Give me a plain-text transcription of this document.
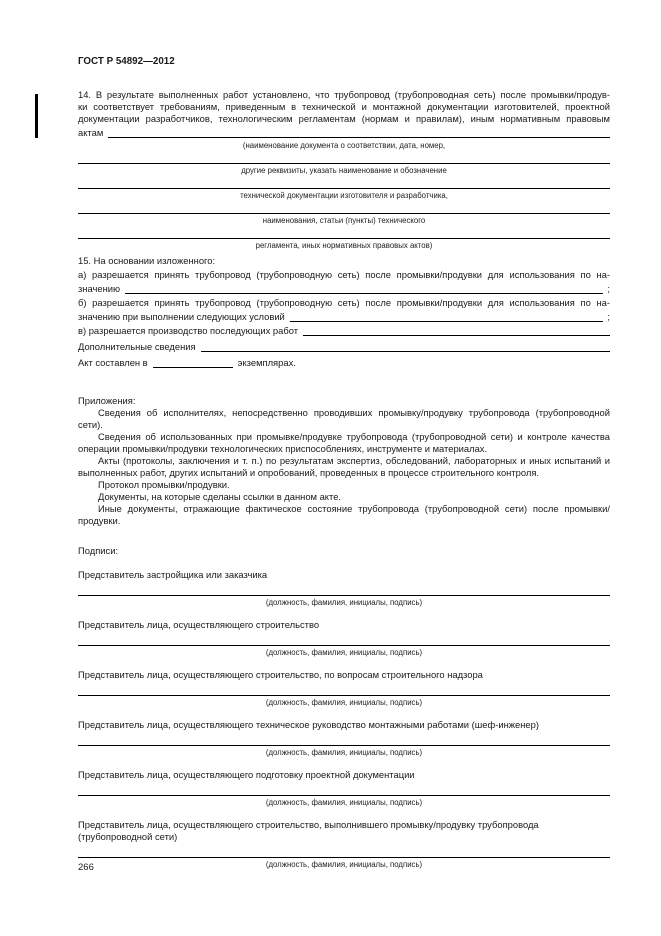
ГОСТ Р 54892—2012
14. В результате выполненных работ установлено, что трубопровод (трубопроводная сеть) после промывки/продув-
ки соответствует требованиям, приведенным в технической и монтажной документации изготовителей, проектной
документации разработчиков, технологическим регламентам (нормам и правилам), иным нормативным правовым
актам
(наименование документа о соответствии, дата, номер,
другие реквизиты, указать наименование и обозначение
технической документации изготовителя и разработчика,
наименования, статьи (пункты) технического
регламента, иных нормативных правовых актов)
15. На основании изложенного:
а) разрешается принять трубопровод (трубопроводную сеть) после промывки/продувки для использования по на-
значению	;
б) разрешается принять трубопровод (трубопроводную сеть) после промывки/продувки для использования по на-
значению при выполнении следующих условий	;
в) разрешается производство последующих работ
Дополнительные сведения
Акт составлен в	экземплярах.
Приложения:
Сведения об исполнителях, непосредственно проводивших промывку/продувку трубопровода (трубопроводной сети).
Сведения об использованных при промывке/продувке трубопровода (трубопроводной сети) и контроле качества операции промывки/продувки технологических приспособлениях, инструменте и материалах.
Акты (протоколы, заключения и т. п.) по результатам экспертиз, обследований, лабораторных и иных испытаний и выполненных работ, других испытаний и опробований, проведенных в процессе строительного контроля.
Протокол промывки/продувки.
Документы, на которые сделаны ссылки в данном акте.
Иные документы, отражающие фактическое состояние трубопровода (трубопроводной сети) после промывки/продувки.
Подписи:
Представитель застройщика или заказчика
(должность, фамилия, инициалы, подпись)
Представитель лица, осуществляющего строительство
(должность, фамилия, инициалы, подпись)
Представитель лица, осуществляющего строительство, по вопросам строительного надзора
(должность, фамилия, инициалы, подпись)
Представитель лица, осуществляющего техническое руководство монтажными работами (шеф-инженер)
(должность, фамилия, инициалы, подпись)
Представитель лица, осуществляющего подготовку проектной документации
(должность, фамилия, инициалы, подпись)
Представитель лица, осуществляющего строительство, выполнившего промывку/продувку трубопровода (трубопроводной сети)
(должность, фамилия, инициалы, подпись)
266
